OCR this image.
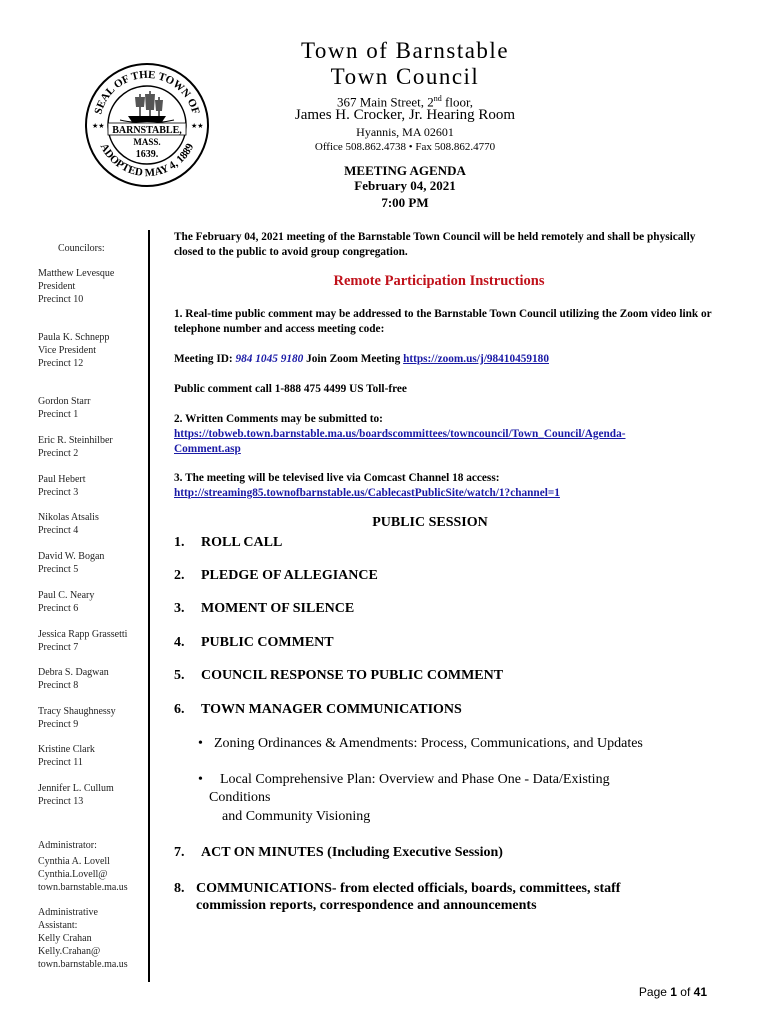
SEAL OF THE TOWN OF
ADOPTED MAY 4, 1889
★★	★★
BARNSTABLE,
MASS.
1639.
Town of Barnstable
Town Council
367 Main Street, 2nd floor,
James H. Crocker, Jr. Hearing Room
Hyannis, MA 02601
Office 508.862.4738 • Fax 508.862.4770
MEETING AGENDA
February 04, 2021
7:00 PM
Councilors:
Matthew Levesque
President
Precinct 10
Paula K. Schnepp
Vice President
Precinct 12
Gordon Starr
Precinct 1
Eric R. Steinhilber
Precinct 2
Paul Hebert
Precinct 3
Nikolas Atsalis
Precinct 4
David W. Bogan
Precinct 5
Paul C. Neary
Precinct 6
Jessica Rapp Grassetti
Precinct 7
Debra S. Dagwan
Precinct 8
Tracy Shaughnessy
Precinct 9
Kristine Clark
Precinct 11
Jennifer L. Cullum
Precinct 13
Administrator:
Cynthia A. Lovell
Cynthia.Lovell@
town.barnstable.ma.us
Administrative
Assistant:
Kelly Crahan
Kelly.Crahan@
town.barnstable.ma.us
The February 04, 2021 meeting of the Barnstable Town Council will be held remotely and shall be physically closed to the public to avoid group congregation.
Remote Participation Instructions
1. Real-time public comment may be addressed to the Barnstable Town Council utilizing the Zoom video link or telephone number and access meeting code:
Meeting ID: 984 1045 9180 Join Zoom Meeting https://zoom.us/j/98410459180
Public comment call 1-888 475 4499 US Toll-free
2. Written Comments may be submitted to:
https://tobweb.town.barnstable.ma.us/boardscommittees/towncouncil/Town_Council/Agenda-
Comment.asp
3. The meeting will be televised live via Comcast Channel 18 access:
http://streaming85.townofbarnstable.us/CablecastPublicSite/watch/1?channel=1
PUBLIC SESSION
1. ROLL CALL
2. PLEDGE OF ALLEGIANCE
3. MOMENT OF SILENCE
4. PUBLIC COMMENT
5. COUNCIL RESPONSE TO PUBLIC COMMENT
6. TOWN MANAGER COMMUNICATIONS
• Zoning Ordinances & Amendments: Process, Communications, and Updates
• Local Comprehensive Plan: Overview and Phase One - Data/Existing
Conditions
and Community Visioning
7. ACT ON MINUTES (Including Executive Session)
8. COMMUNICATIONS- from elected officials, boards, committees, staff
commission reports, correspondence and announcements
Page 1 of 41
